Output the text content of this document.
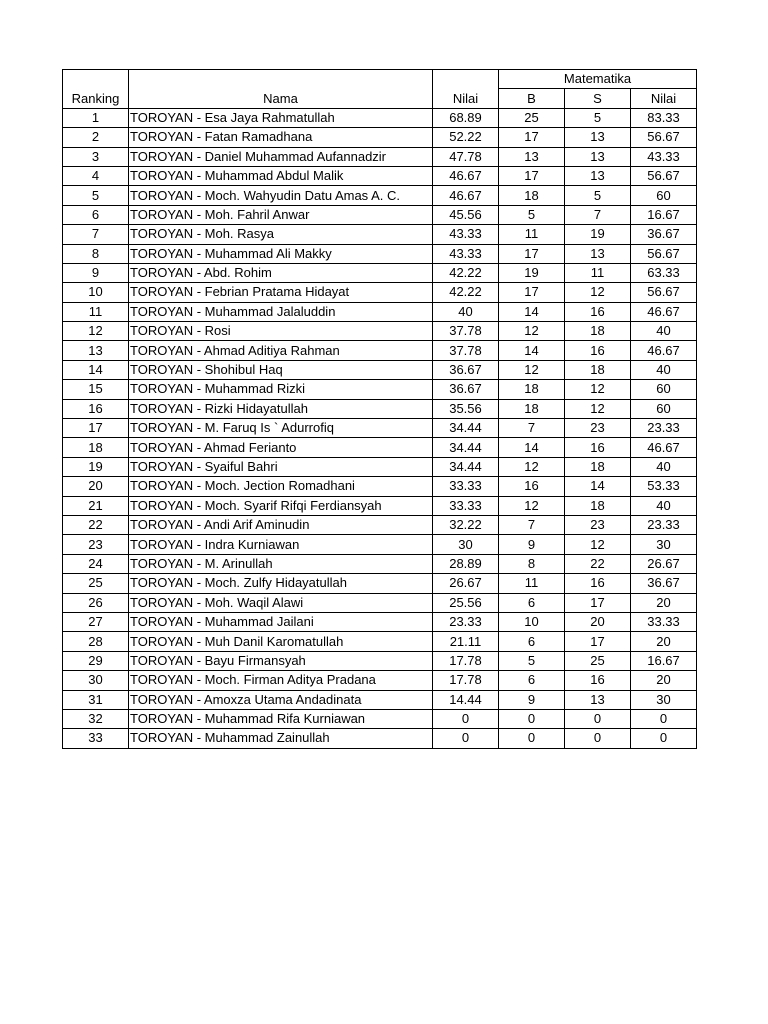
Ranking	Nama	Nilai	Matematika		
			B	S	Nilai
1	TOROYAN - Esa Jaya Rahmatullah	68.89	25	5	83.33
2	TOROYAN - Fatan Ramadhana	52.22	17	13	56.67
3	TOROYAN - Daniel Muhammad Aufannadzir	47.78	13	13	43.33
4	TOROYAN - Muhammad Abdul Malik	46.67	17	13	56.67
5	TOROYAN - Moch. Wahyudin Datu Amas A. C.	46.67	18	5	60
6	TOROYAN - Moh. Fahril Anwar	45.56	5	7	16.67
7	TOROYAN - Moh. Rasya	43.33	11	19	36.67
8	TOROYAN - Muhammad Ali Makky	43.33	17	13	56.67
9	TOROYAN - Abd. Rohim	42.22	19	11	63.33
10	TOROYAN - Febrian Pratama Hidayat	42.22	17	12	56.67
11	TOROYAN - Muhammad Jalaluddin	40	14	16	46.67
12	TOROYAN - Rosi	37.78	12	18	40
13	TOROYAN - Ahmad Aditiya Rahman	37.78	14	16	46.67
14	TOROYAN - Shohibul Haq	36.67	12	18	40
15	TOROYAN - Muhammad Rizki	36.67	18	12	60
16	TOROYAN - Rizki Hidayatullah	35.56	18	12	60
17	TOROYAN - M. Faruq Is ` Adurrofiq	34.44	7	23	23.33
18	TOROYAN - Ahmad Ferianto	34.44	14	16	46.67
19	TOROYAN - Syaiful Bahri	34.44	12	18	40
20	TOROYAN - Moch. Jection Romadhani	33.33	16	14	53.33
21	TOROYAN - Moch. Syarif Rifqi Ferdiansyah	33.33	12	18	40
22	TOROYAN - Andi Arif Aminudin	32.22	7	23	23.33
23	TOROYAN - Indra Kurniawan	30	9	12	30
24	TOROYAN - M. Arinullah	28.89	8	22	26.67
25	TOROYAN - Moch. Zulfy Hidayatullah	26.67	11	16	36.67
26	TOROYAN - Moh. Waqil Alawi	25.56	6	17	20
27	TOROYAN - Muhammad Jailani	23.33	10	20	33.33
28	TOROYAN - Muh Danil Karomatullah	21.11	6	17	20
29	TOROYAN - Bayu Firmansyah	17.78	5	25	16.67
30	TOROYAN - Moch. Firman Aditya Pradana	17.78	6	16	20
31	TOROYAN - Amoxza Utama Andadinata	14.44	9	13	30
32	TOROYAN - Muhammad Rifa Kurniawan	0	0	0	0
33	TOROYAN - Muhammad Zainullah	0	0	0	0
